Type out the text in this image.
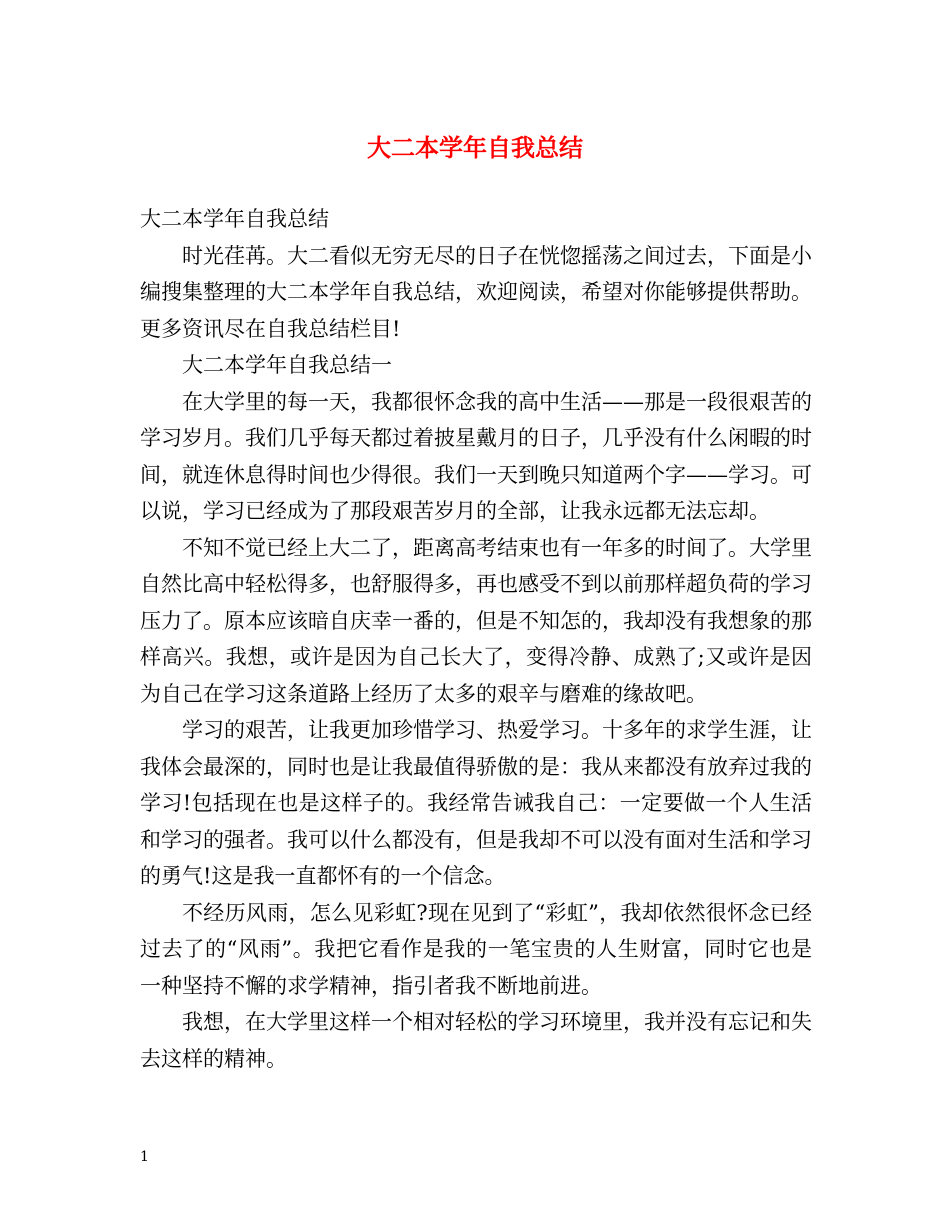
大二本学年自我总结

大二本学年自我总结

时光荏苒。大二看似无穷无尽的日子在恍惚摇荡之间过去，下面是小编搜集整理的大二本学年自我总结，欢迎阅读，希望对你能够提供帮助。更多资讯尽在自我总结栏目!

大二本学年自我总结一

在大学里的每一天，我都很怀念我的高中生活——那是一段很艰苦的学习岁月。我们几乎每天都过着披星戴月的日子，几乎没有什么闲暇的时间，就连休息得时间也少得很。我们一天到晚只知道两个字——学习。可以说，学习已经成为了那段艰苦岁月的全部，让我永远都无法忘却。

不知不觉已经上大二了，距离高考结束也有一年多的时间了。大学里自然比高中轻松得多，也舒服得多，再也感受不到以前那样超负荷的学习压力了。原本应该暗自庆幸一番的，但是不知怎的，我却没有我想象的那样高兴。我想，或许是因为自己长大了，变得冷静、成熟了;又或许是因为自己在学习这条道路上经历了太多的艰辛与磨难的缘故吧。

学习的艰苦，让我更加珍惜学习、热爱学习。十多年的求学生涯，让我体会最深的，同时也是让我最值得骄傲的是：我从来都没有放弃过我的学习!包括现在也是这样子的。我经常告诫我自己：一定要做一个人生活和学习的强者。我可以什么都没有，但是我却不可以没有面对生活和学习的勇气!这是我一直都怀有的一个信念。

不经历风雨，怎么见彩虹?现在见到了“彩虹”，我却依然很怀念已经过去了的“风雨”。我把它看作是我的一笔宝贵的人生财富，同时它也是一种坚持不懈的求学精神，指引者我不断地前进。

我想，在大学里这样一个相对轻松的学习环境里，我并没有忘记和失去这样的精神。

1
